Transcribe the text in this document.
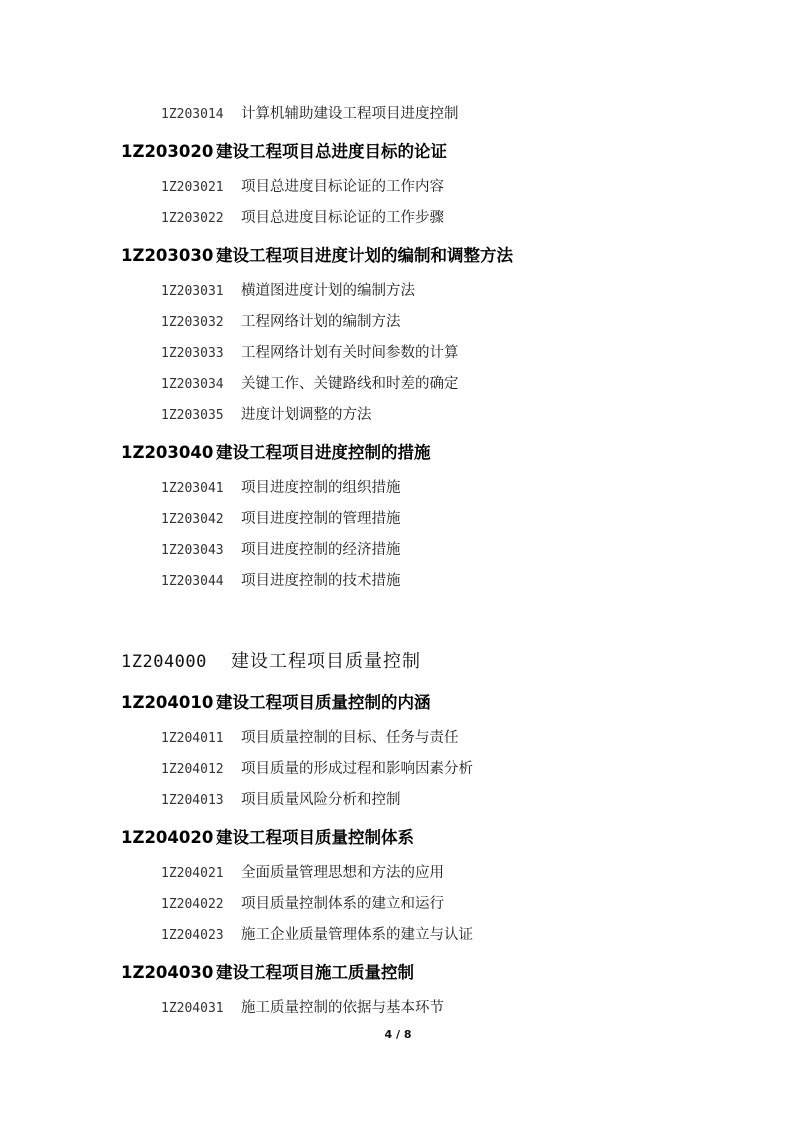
1Z203014	计算机辅助建设工程项目进度控制
1Z203020 建设工程项目总进度目标的论证
1Z203021	项目总进度目标论证的工作内容
1Z203022	项目总进度目标论证的工作步骤
1Z203030 建设工程项目进度计划的编制和调整方法
1Z203031	横道图进度计划的编制方法
1Z203032	工程网络计划的编制方法
1Z203033	工程网络计划有关时间参数的计算
1Z203034	关键工作、关键路线和时差的确定
1Z203035	进度计划调整的方法
1Z203040 建设工程项目进度控制的措施
1Z203041	项目进度控制的组织措施
1Z203042	项目进度控制的管理措施
1Z203043	项目进度控制的经济措施
1Z203044	项目进度控制的技术措施
1Z204000	建设工程项目质量控制
1Z204010 建设工程项目质量控制的内涵
1Z204011	项目质量控制的目标、任务与责任
1Z204012	项目质量的形成过程和影响因素分析
1Z204013	项目质量风险分析和控制
1Z204020 建设工程项目质量控制体系
1Z204021	全面质量管理思想和方法的应用
1Z204022	项目质量控制体系的建立和运行
1Z204023	施工企业质量管理体系的建立与认证
1Z204030 建设工程项目施工质量控制
1Z204031	施工质量控制的依据与基本环节
4 / 8
